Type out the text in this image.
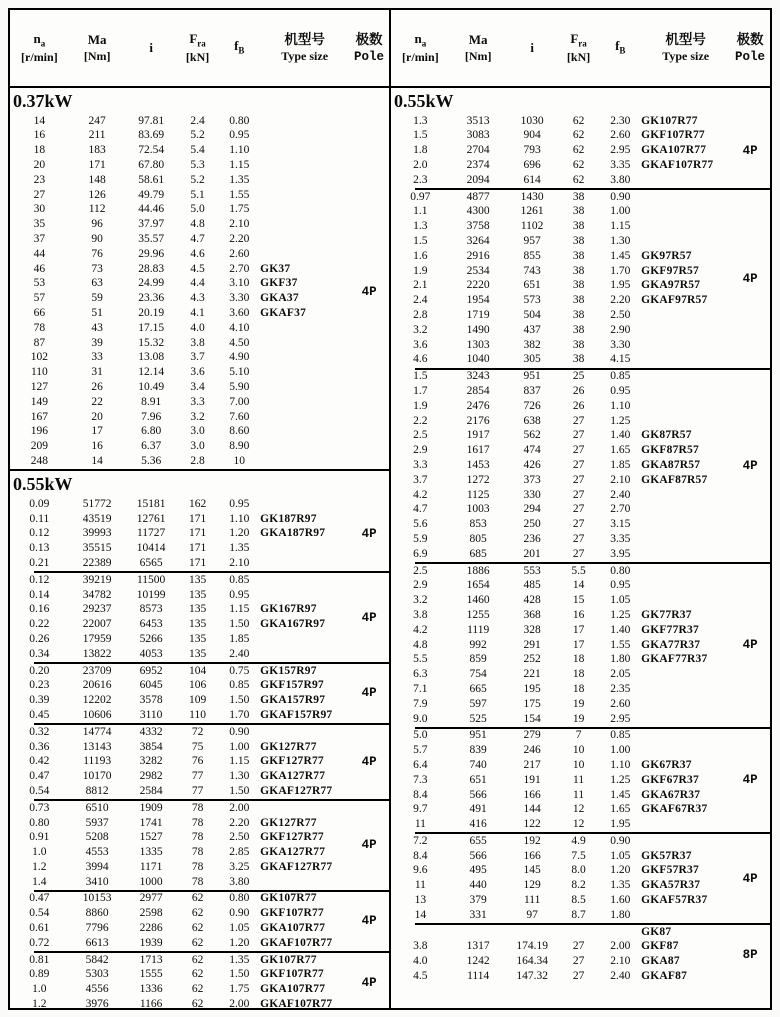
$n_a$
[r/min]
Ma
[Nm]
i
$F_{ra}$
[kN]
$f_B$
机型号
Type size
极数
Pole
0.37kW
14	247	97.81	2.4	0.80
16	211	83.69	5.2	0.95
18	183	72.54	5.4	1.10
20	171	67.80	5.3	1.15
23	148	58.61	5.2	1.35
27	126	49.79	5.1	1.55
30	112	44.46	5.0	1.75
35	96	37.97	4.8	2.10
37	90	35.57	4.7	2.20
44	76	29.96	4.6	2.60
46	73	28.83	4.5	2.70 GK37
53	63	24.99	4.4	3.10 GKF37
57	59	23.36	4.3	3.30 GKA37
66	51	20.19	4.1	3.60 GKAF37
78	43	17.15	4.0	4.10
87	39	15.32	3.8	4.50
102	33	13.08	3.7	4.90
110	31	12.14	3.6	5.10
127	26	10.49	3.4	5.90
149	22	8.91	3.3	7.00
167	20	7.96	3.2	7.60
196	17	6.80	3.0	8.60
209	16	6.37	3.0	8.90
248	14	5.36	2.8	10
4P
0.55kW
0.09	51772	15181	162	0.95
0.11	43519	12761	171	1.10 GK187R97
0.12	39993	11727	171	1.20 GKA187R97
0.13	35515	10414	171	1.35
0.21	22389	6565	171	2.10
4P
0.12	39219	11500	135	0.85
0.14	34782	10199	135	0.95
0.16	29237	8573	135	1.15 GK167R97
0.22	22007	6453	135	1.50 GKA167R97
0.26	17959	5266	135	1.85
0.34	13822	4053	135	2.40
4P
0.20	23709	6952	104	0.75 GK157R97
0.23	20616	6045	106	0.85 GKF157R97
0.39	12202	3578	109	1.50 GKA157R97
0.45	10606	3110	110	1.70 GKAF157R97
4P
0.32	14774	4332	72	0.90
0.36	13143	3854	75	1.00 GK127R77
0.42	11193	3282	76	1.15 GKF127R77
0.47	10170	2982	77	1.30 GKA127R77
0.54	8812	2584	77	1.50 GKAF127R77
4P
0.73	6510	1909	78	2.00
0.80	5937	1741	78	2.20 GK127R77
0.91	5208	1527	78	2.50 GKF127R77
1.0	4553	1335	78	2.85 GKA127R77
1.2	3994	1171	78	3.25 GKAF127R77
1.4	3410	1000	78	3.80
4P
0.47	10153	2977	62	0.80 GK107R77
0.54	8860	2598	62	0.90 GKF107R77
0.61	7796	2286	62	1.05 GKA107R77
0.72	6613	1939	62	1.20 GKAF107R77
4P
0.81	5842	1713	62	1.35 GK107R77
0.89	5303	1555	62	1.50 GKF107R77
1.0	4556	1336	62	1.75 GKA107R77
1.2	3976	1166	62	2.00 GKAF107R77
4P
$n_a$
[r/min]
Ma
[Nm]
i
$F_{ra}$
[kN]
$f_B$
机型号
Type size
极数
Pole
0.55kW
1.3	3513	1030	62	2.30 GK107R77
1.5	3083	904	62	2.60 GKF107R77
1.8	2704	793	62	2.95 GKA107R77
2.0	2374	696	62	3.35 GKAF107R77
2.3	2094	614	62	3.80
4P
0.97	4877	1430	38	0.90
1.1	4300	1261	38	1.00
1.3	3758	1102	38	1.15
1.5	3264	957	38	1.30
1.6	2916	855	38	1.45 GK97R57
1.9	2534	743	38	1.70 GKF97R57
2.1	2220	651	38	1.95 GKA97R57
2.4	1954	573	38	2.20 GKAF97R57
2.8	1719	504	38	2.50
3.2	1490	437	38	2.90
3.6	1303	382	38	3.30
4.6	1040	305	38	4.15
4P
1.5	3243	951	25	0.85
1.7	2854	837	26	0.95
1.9	2476	726	26	1.10
2.2	2176	638	27	1.25
2.5	1917	562	27	1.40 GK87R57
2.9	1617	474	27	1.65 GKF87R57
3.3	1453	426	27	1.85 GKA87R57
3.7	1272	373	27	2.10 GKAF87R57
4.2	1125	330	27	2.40
4.7	1003	294	27	2.70
5.6	853	250	27	3.15
5.9	805	236	27	3.35
6.9	685	201	27	3.95
4P
2.5	1886	553	5.5	0.80
2.9	1654	485	14	0.95
3.2	1460	428	15	1.05
3.8	1255	368	16	1.25 GK77R37
4.2	1119	328	17	1.40 GKF77R37
4.8	992	291	17	1.55 GKA77R37
5.5	859	252	18	1.80 GKAF77R37
6.3	754	221	18	2.05
7.1	665	195	18	2.35
7.9	597	175	19	2.60
9.0	525	154	19	2.95
4P
5.0	951	279	7	0.85
5.7	839	246	10	1.00
6.4	740	217	10	1.10 GK67R37
7.3	651	191	11	1.25 GKF67R37
8.4	566	166	11	1.45 GKA67R37
9.7	491	144	12	1.65 GKAF67R37
11	416	122	12	1.95
4P
7.2	655	192	4.9	0.90
8.4	566	166	7.5	1.05 GK57R37
9.6	495	145	8.0	1.20 GKF57R37
11	440	129	8.2	1.35 GKA57R37
13	379	111	8.5	1.60 GKAF57R37
14	331	97	8.7	1.80
4P
GK87
3.8	1317	174.19	27	2.00 GKF87
4.0	1242	164.34	27	2.10 GKA87
4.5	1114	147.32	27	2.40 GKAF87
8P
